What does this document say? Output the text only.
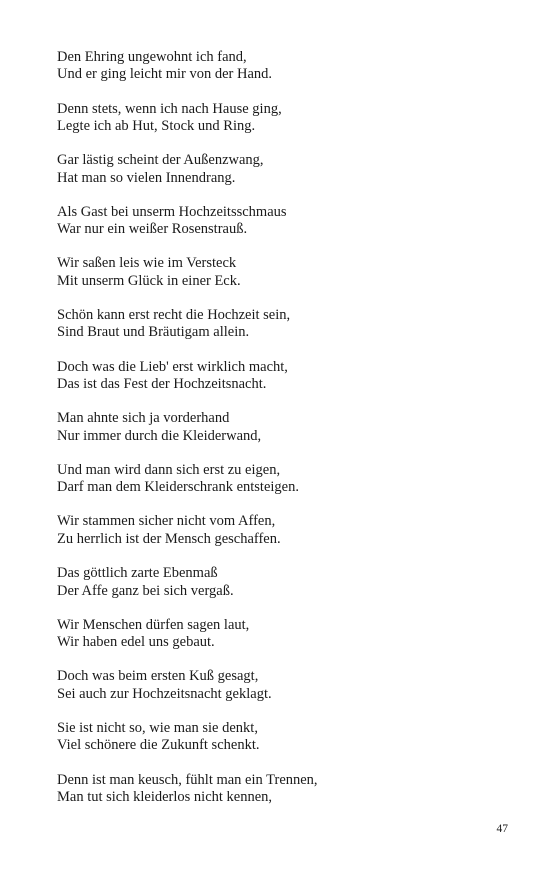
Den Ehring ungewohnt ich fand,
Und er ging leicht mir von der Hand.
Denn stets, wenn ich nach Hause ging,
Legte ich ab Hut, Stock und Ring.
Gar lästig scheint der Außenzwang,
Hat man so vielen Innendrang.
Als Gast bei unserm Hochzeitsschmaus
War nur ein weißer Rosenstrauß.
Wir saßen leis wie im Versteck
Mit unserm Glück in einer Eck.
Schön kann erst recht die Hochzeit sein,
Sind Braut und Bräutigam allein.
Doch was die Lieb' erst wirklich macht,
Das ist das Fest der Hochzeitsnacht.
Man ahnte sich ja vorderhand
Nur immer durch die Kleiderwand,
Und man wird dann sich erst zu eigen,
Darf man dem Kleiderschrank entsteigen.
Wir stammen sicher nicht vom Affen,
Zu herrlich ist der Mensch geschaffen.
Das göttlich zarte Ebenmaß
Der Affe ganz bei sich vergaß.
Wir Menschen dürfen sagen laut,
Wir haben edel uns gebaut.
Doch was beim ersten Kuß gesagt,
Sei auch zur Hochzeitsnacht geklagt.
Sie ist nicht so, wie man sie denkt,
Viel schönere die Zukunft schenkt.
Denn ist man keusch, fühlt man ein Trennen,
Man tut sich kleiderlos nicht kennen,
47
